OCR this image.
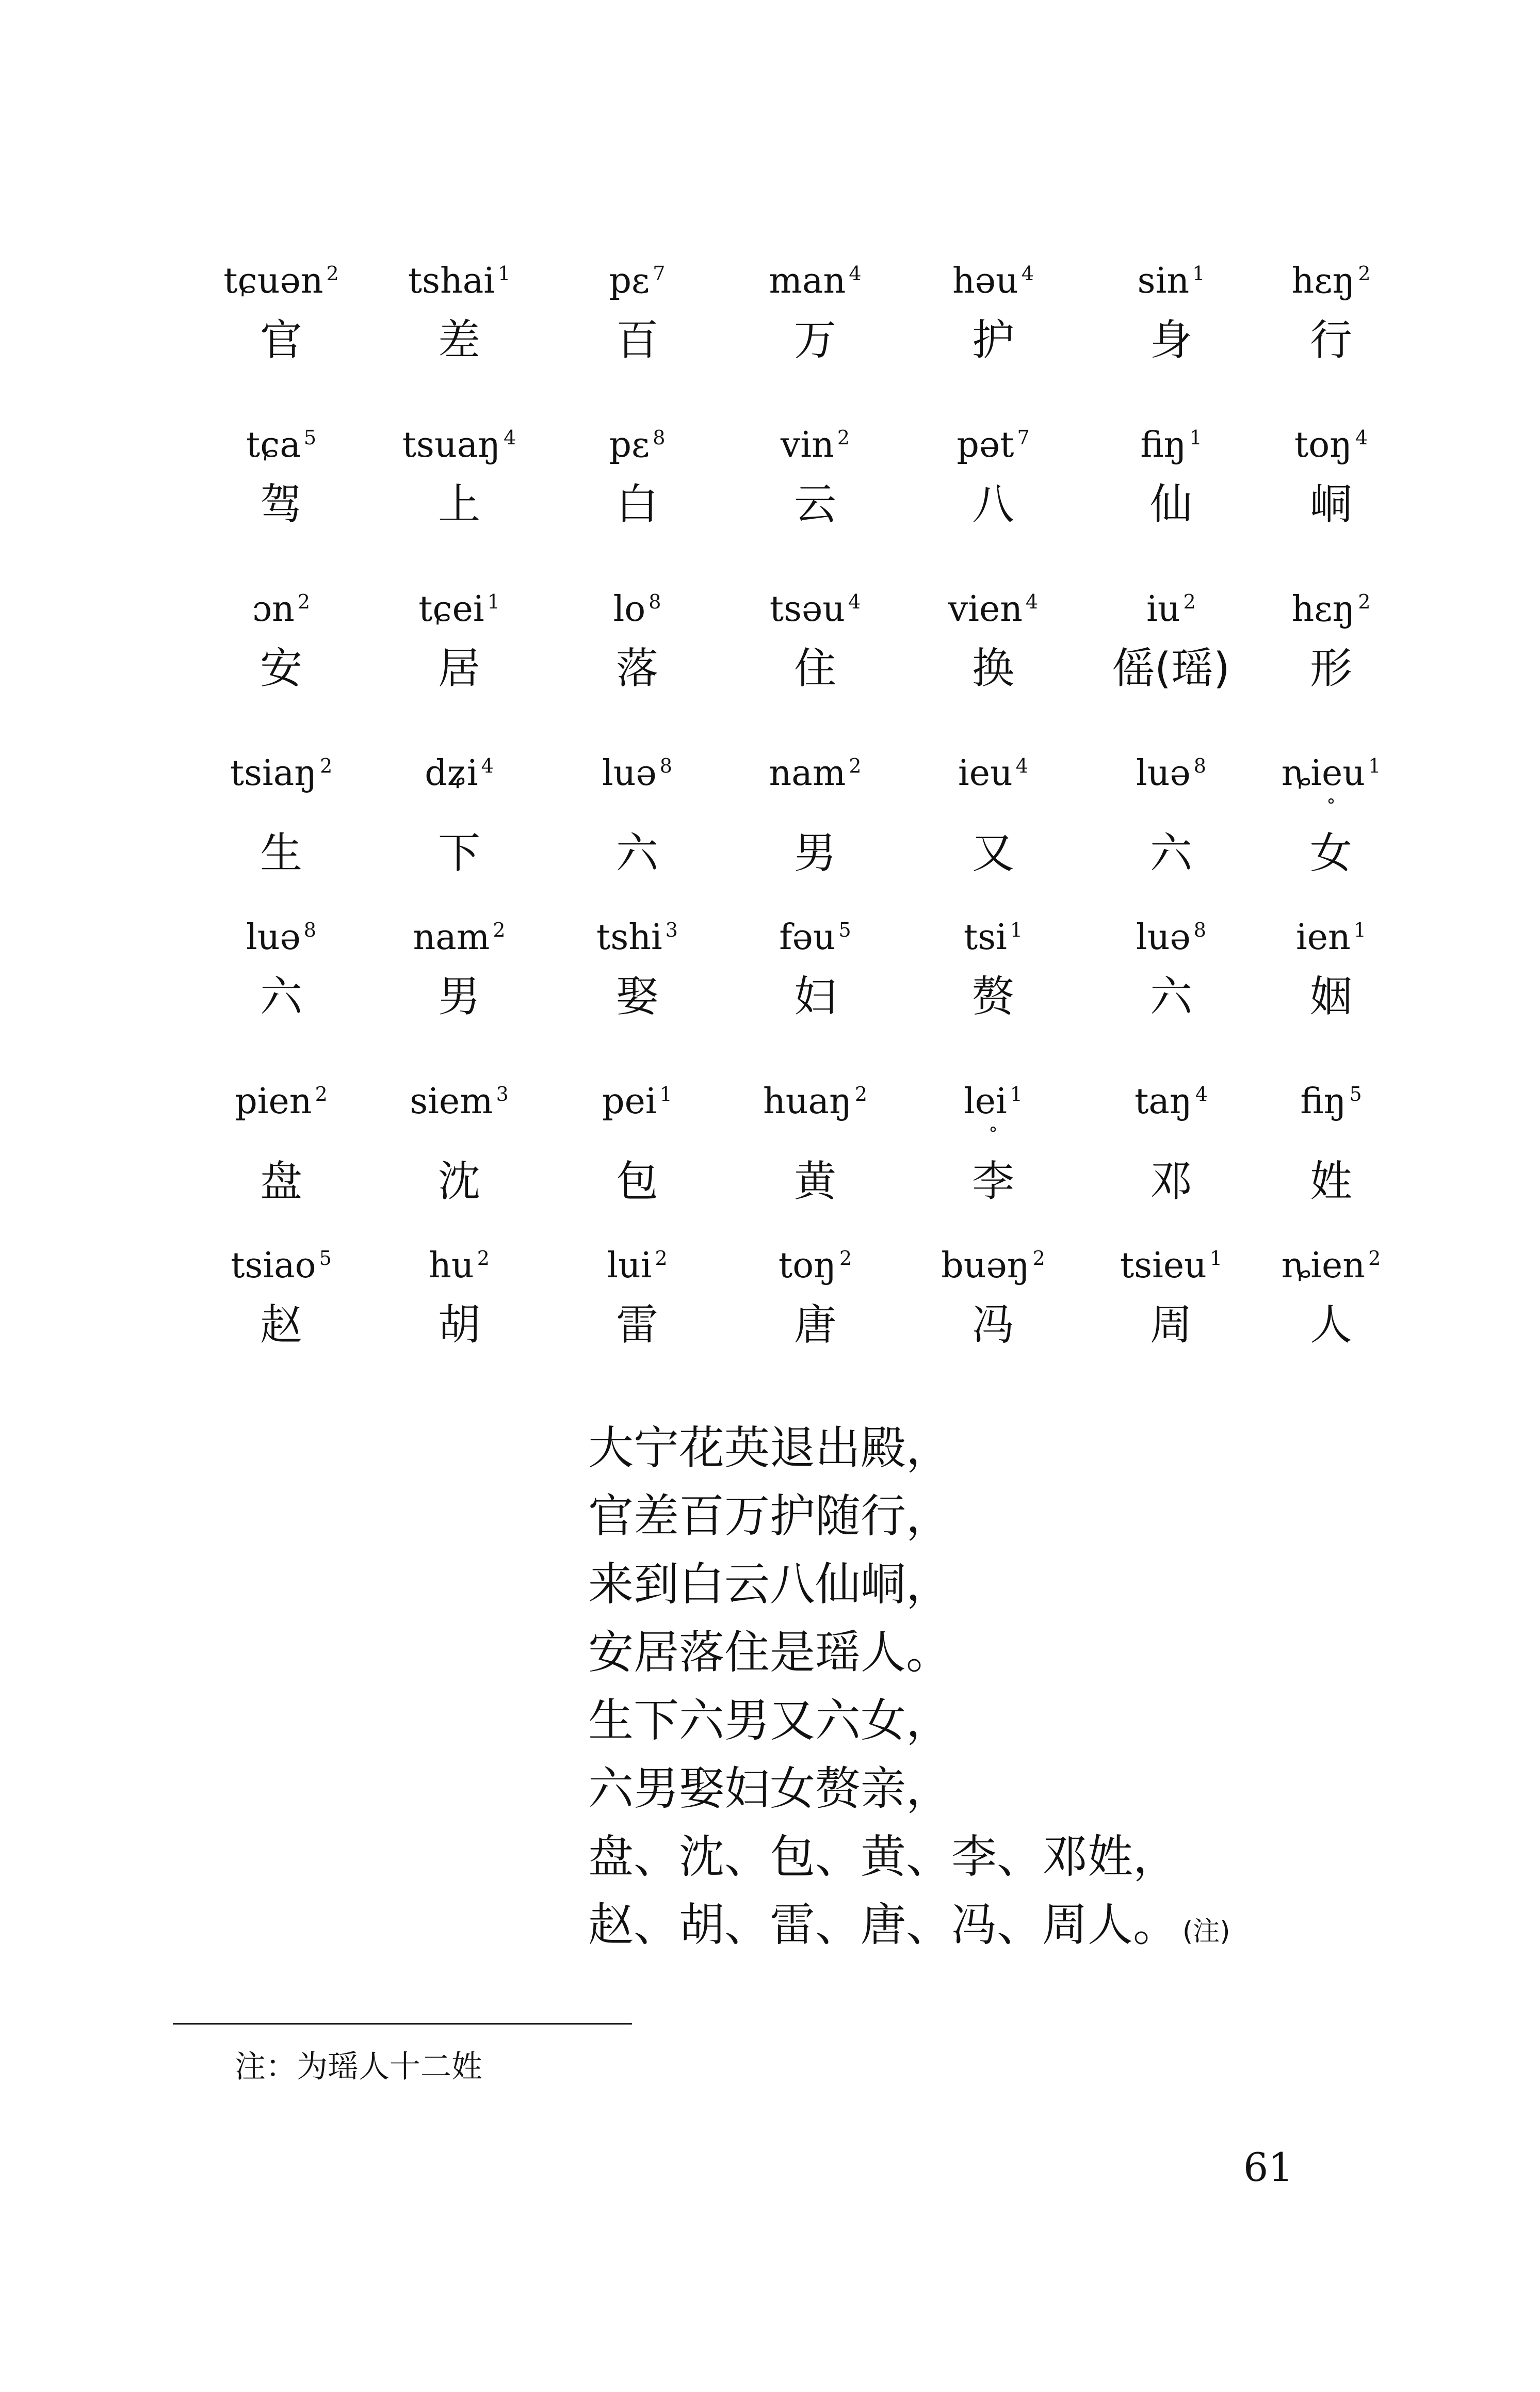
tɕuən $^2$
官
tshai $^1$
差
pɛ $^7$
百
man $^4$
万
həu $^4$
护
sin $^1$
身
hɛŋ $^2$
行
tɕa $^5$
驾
tsuaŋ $^4$
上
pɛ $^8$
白
vin $^2$
云
pət $^7$
八
fiŋ $^1$
仙
toŋ $^4$
峒
ɔn $^2$
安
tɕei $^1$
居
lo $^8$
落
tsəu $^4$
住
vien $^4$
换
iu $^2$
傜(瑶)
hɛŋ $^2$
形
tsiaŋ $^2$
生
dʑi $^4$
下
luə $^8$
六
nam $^2$
男
ieu $^4$
又
luə $^8$
六
ȵieu $^1$
°
女
luə $^8$
六
nam $^2$
男
tshi $^3$
娶
fəu $^5$
妇
tsi $^1$
赘
luə $^8$
六
ien $^1$
姻
pien $^2$
盘
siem $^3$
沈
pei $^1$
包
huaŋ $^2$
黄
lei $^1$
°
李
taŋ $^4$
邓
fiŋ $^5$
姓
tsiao $^5$
赵
hu $^2$
胡
lui $^2$
雷
toŋ $^2$
唐
buəŋ $^2$
冯
tsieu $^1$
周
ȵien $^2$
人
大宁花英退出殿，
官差百万护随行，
来到白云八仙峒，
安居落住是瑶人。
生下六男又六女，
六男娶妇女赘亲，
盘、沈、包、黄、李、邓姓，
赵、胡、雷、唐、冯、周人。 (注)
注：为瑶人十二姓
61
